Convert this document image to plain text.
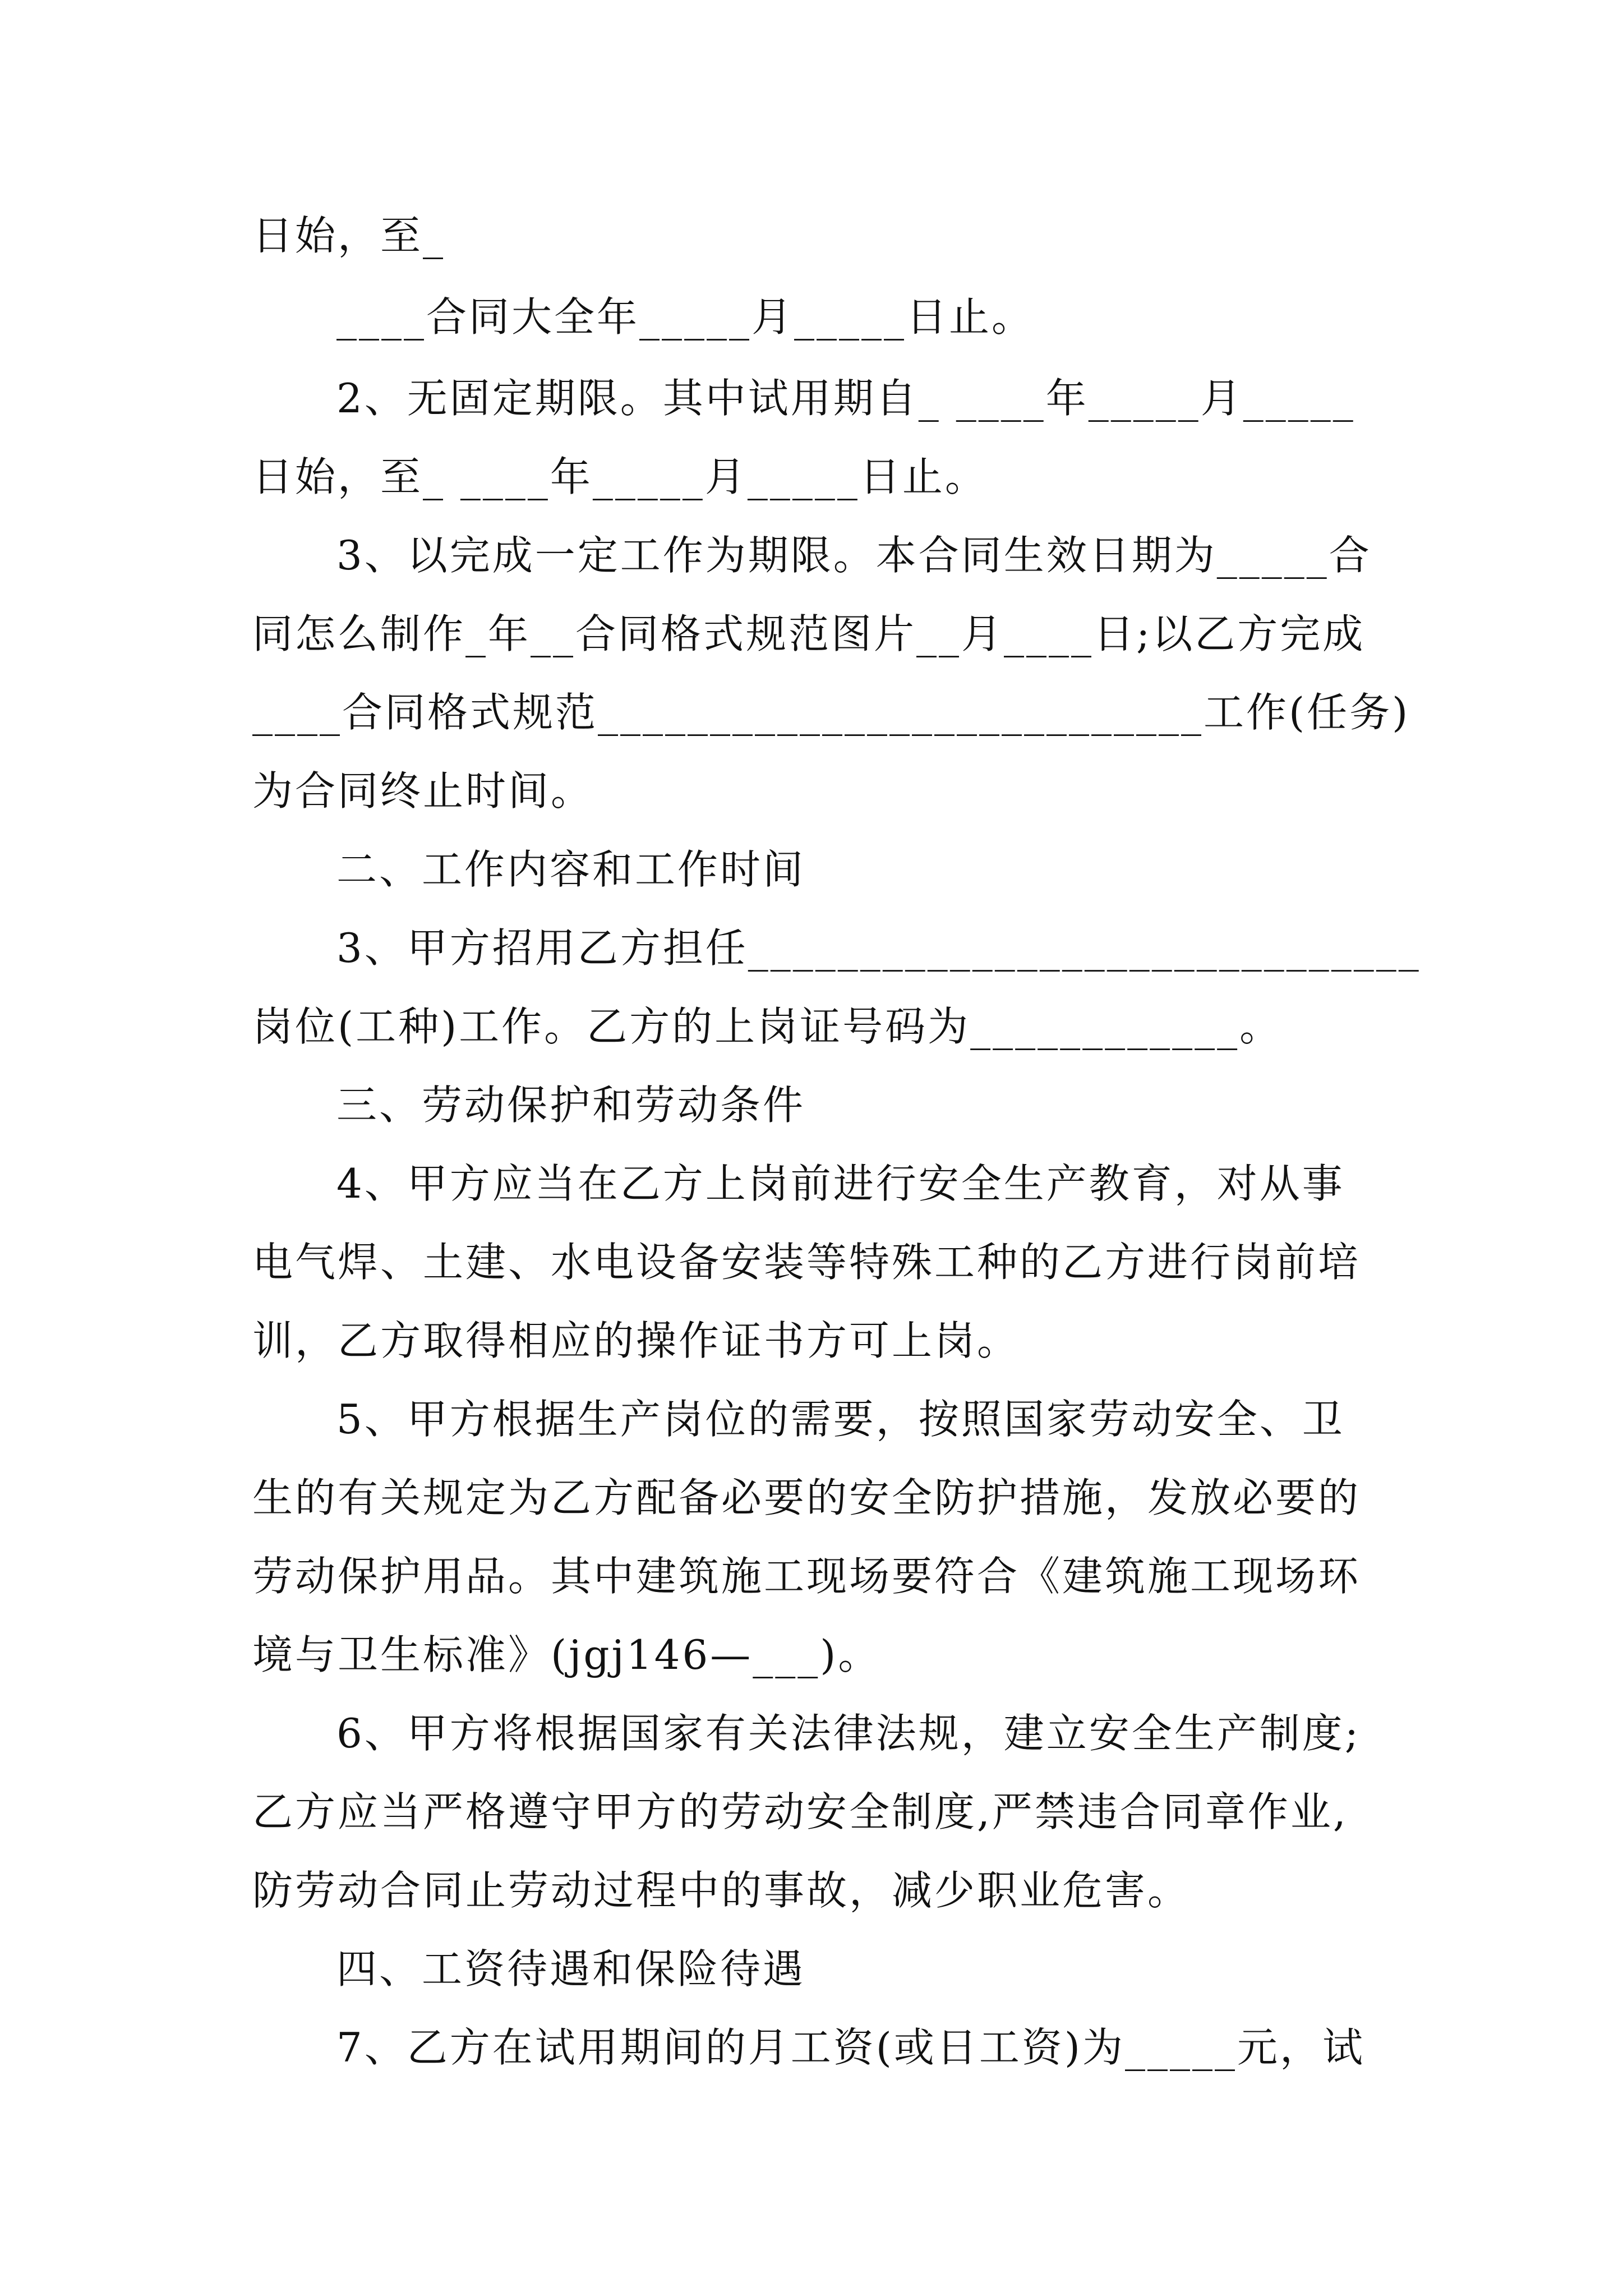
日始，至_
____合同大全年_____月_____日止。
2、无固定期限。其中试用期自_ ____年_____月_____
日始，至_ ____年_____月_____日止。
3、以完成一定工作为期限。本合同生效日期为_____合
同怎么制作_年__合同格式规范图片__月____日;以乙方完成
____合同格式规范___________________________工作(任务)
为合同终止时间。
二、工作内容和工作时间
3、甲方招用乙方担任______________________________
岗位(工种)工作。乙方的上岗证号码为____________。
三、劳动保护和劳动条件
4、甲方应当在乙方上岗前进行安全生产教育，对从事
电气焊、土建、水电设备安装等特殊工种的乙方进行岗前培
训，乙方取得相应的操作证书方可上岗。
5、甲方根据生产岗位的需要，按照国家劳动安全、卫
生的有关规定为乙方配备必要的安全防护措施，发放必要的
劳动保护用品。其中建筑施工现场要符合《建筑施工现场环
境与卫生标准》(jgj146—___)。
6、甲方将根据国家有关法律法规，建立安全生产制度;
乙方应当严格遵守甲方的劳动安全制度,严禁违合同章作业,
防劳动合同止劳动过程中的事故，减少职业危害。
四、工资待遇和保险待遇
7、乙方在试用期间的月工资(或日工资)为_____元，试
